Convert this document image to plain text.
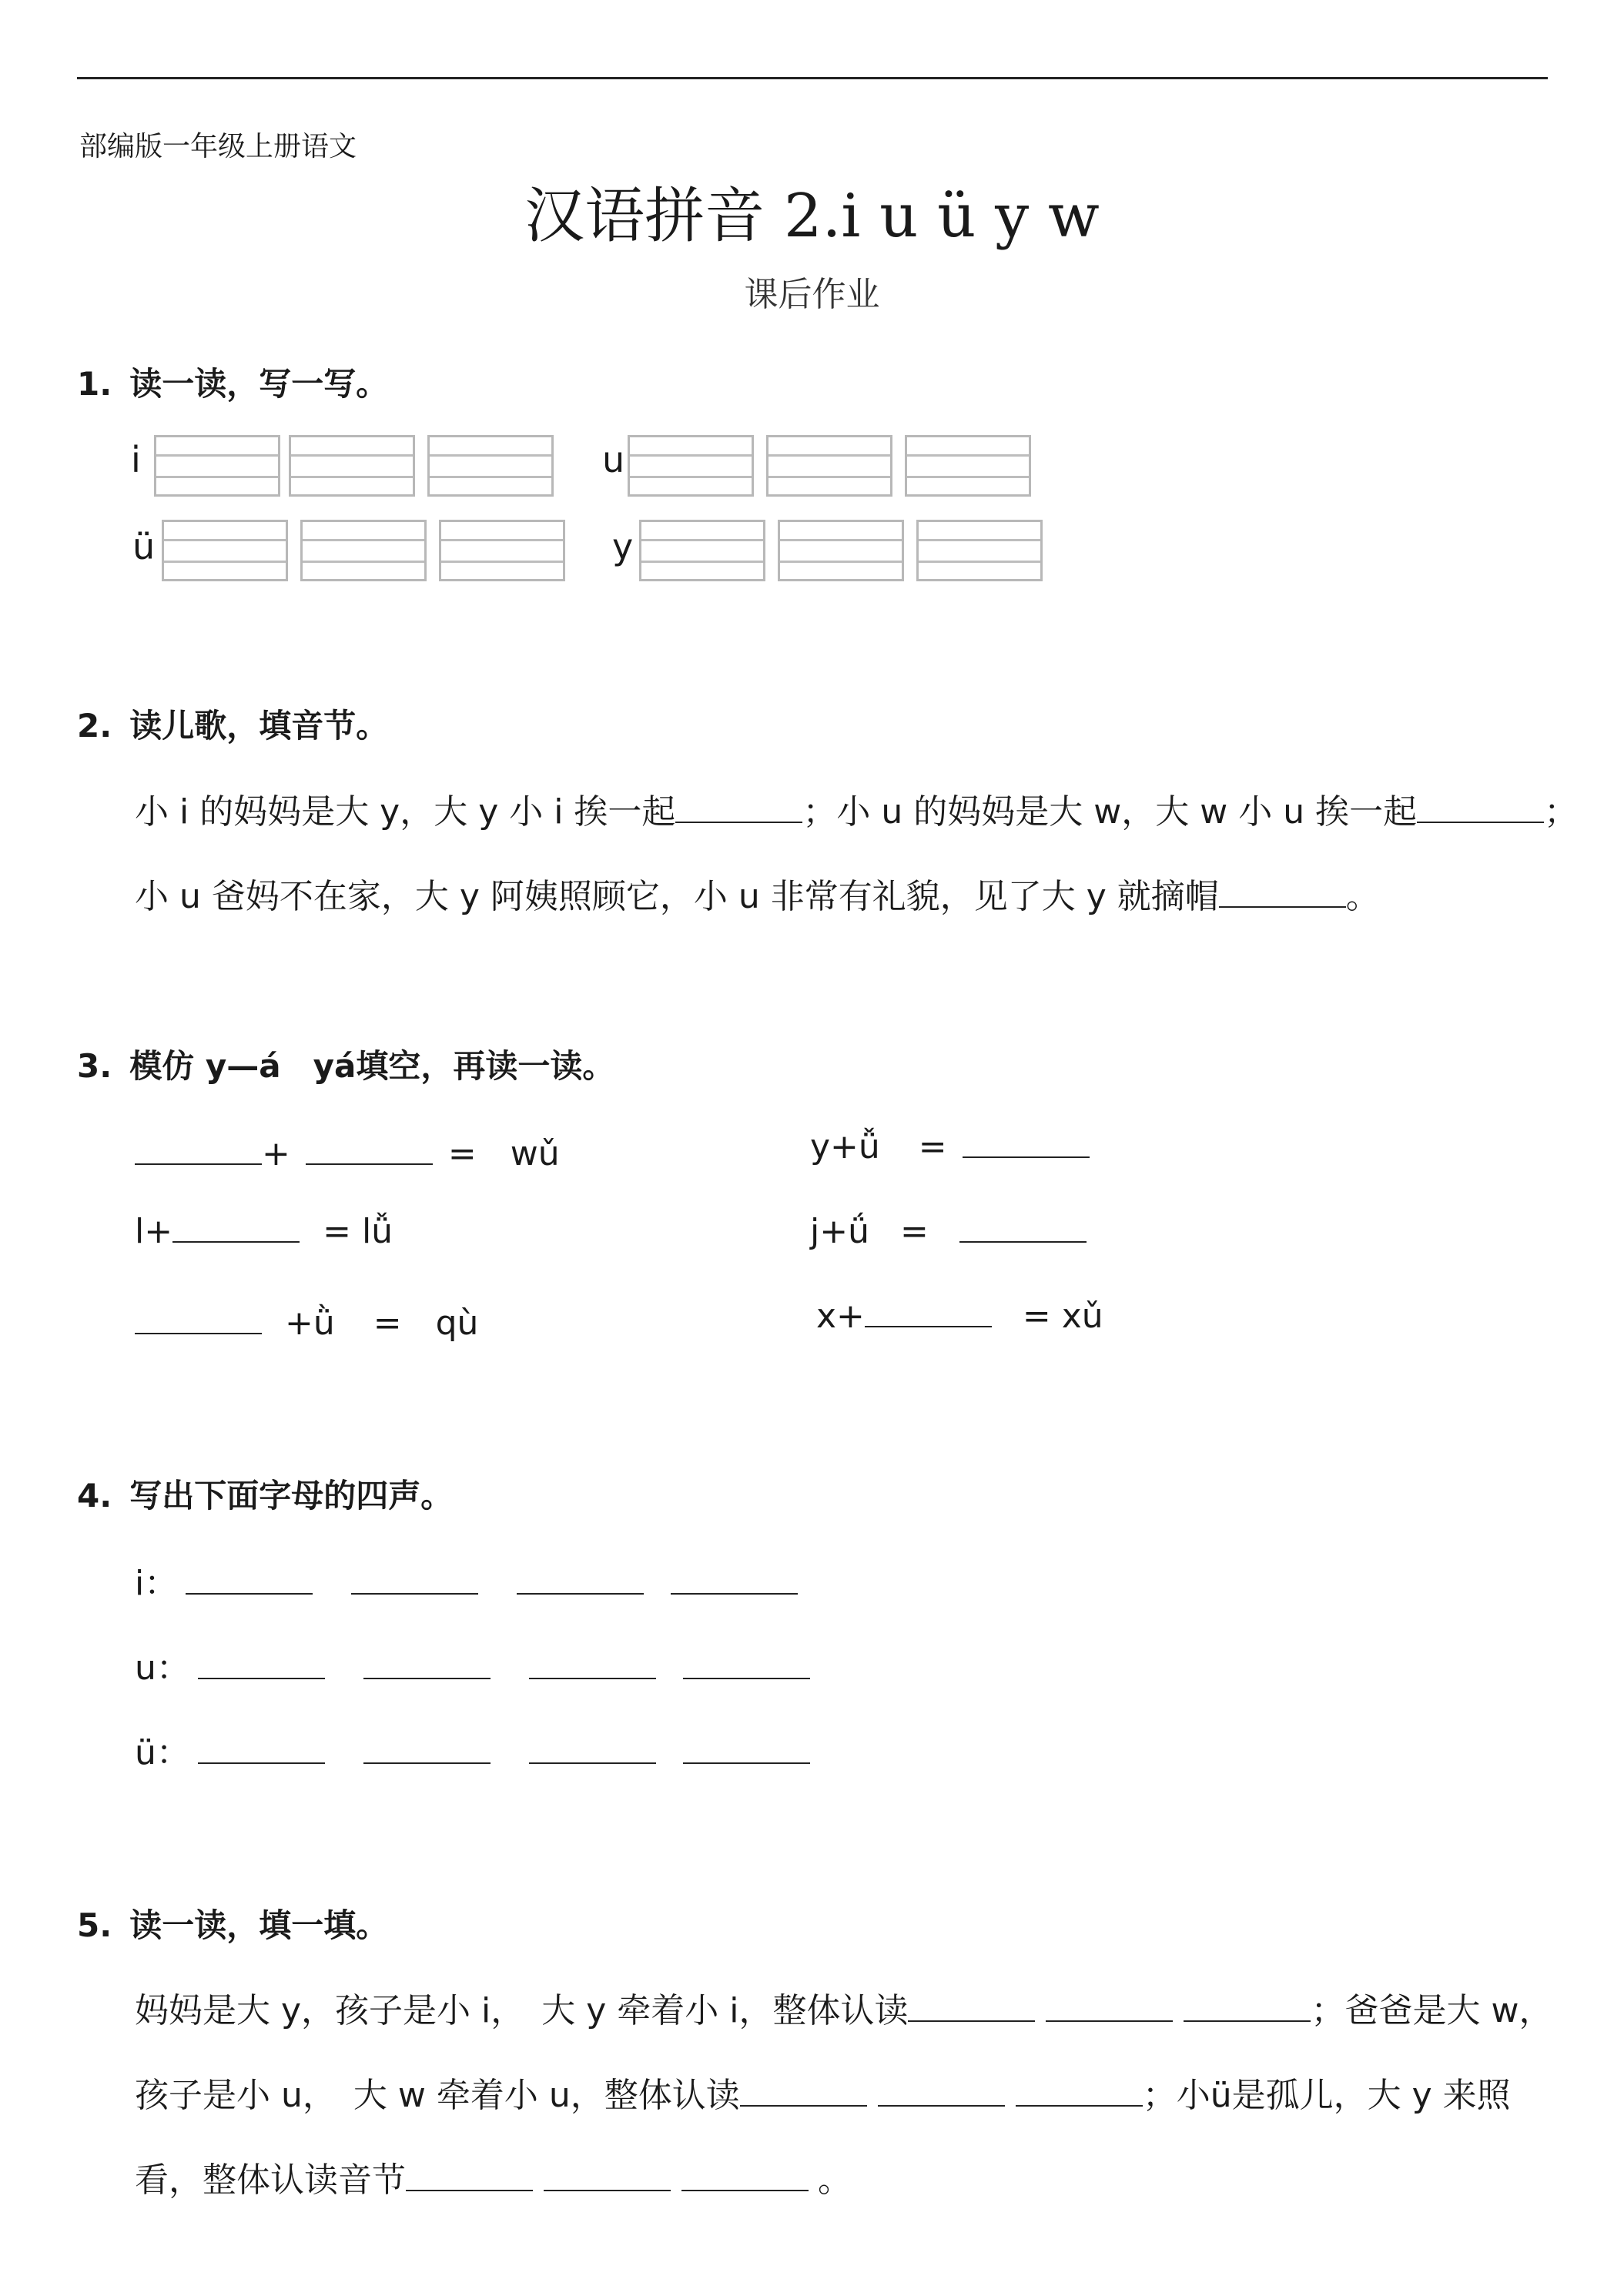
部编版一年级上册语文
汉语拼音 2.i u ü y w
课后作业
1. 读一读，写一写。
i	u
ü	y
2. 读儿歌，填音节。
小 i 的妈妈是大 y，大 y 小 i 挨一起	；小 u 的妈妈是大 w，大 w 小 u 挨一起	；
小 u 爸妈不在家，大 y 阿姨照顾它，小 u 非常有礼貌，见了大 y 就摘帽	。
3. 模仿 y—á　yá填空，再读一读。
+	=　wǔ	y+ǚ =
l+	= lǚ	j+ǘ =
+ǜ =　qù	x+	= xǔ
4. 写出下面字母的四声。
i：
u：
ü：
5. 读一读，填一填。
妈妈是大 y，孩子是小 i，　大 y 牵着小 i，整体认读	；爸爸是大 w，
孩子是小 u，　大 w 牵着小 u，整体认读	；小ü是孤儿，大 y 来照
看，整体认读音节	。
